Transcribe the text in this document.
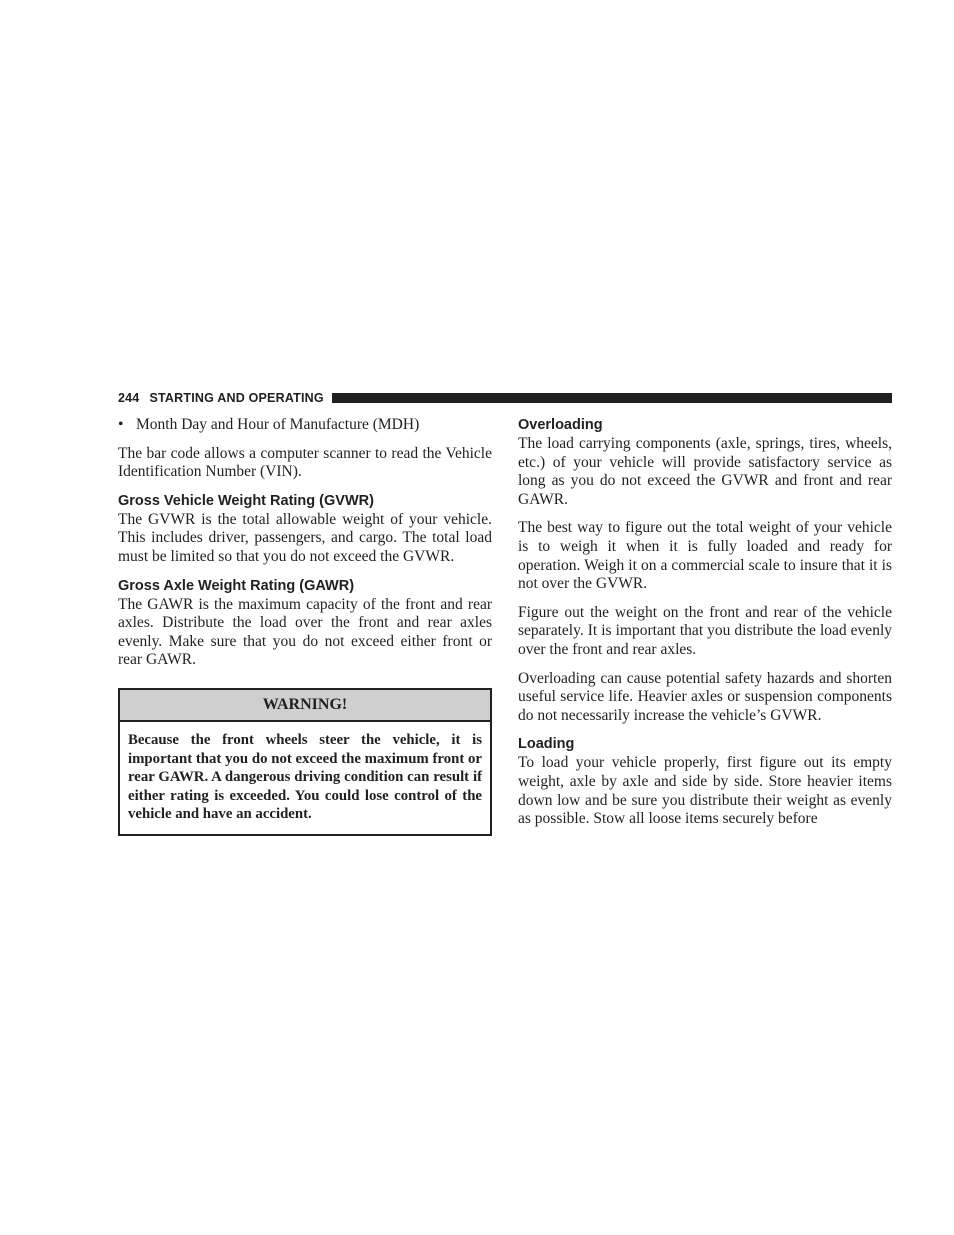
244 STARTING AND OPERATING

• Month Day and Hour of Manufacture (MDH)

The bar code allows a computer scanner to read the Vehicle Identification Number (VIN).

Gross Vehicle Weight Rating (GVWR)

The GVWR is the total allowable weight of your vehicle. This includes driver, passengers, and cargo. The total load must be limited so that you do not exceed the GVWR.

Gross Axle Weight Rating (GAWR)

The GAWR is the maximum capacity of the front and rear axles. Distribute the load over the front and rear axles evenly. Make sure that you do not exceed either front or rear GAWR.

WARNING!
Because the front wheels steer the vehicle, it is important that you do not exceed the maximum front or rear GAWR. A dangerous driving condition can result if either rating is exceeded. You could lose control of the vehicle and have an accident.
Overloading

The load carrying components (axle, springs, tires, wheels, etc.) of your vehicle will provide satisfactory service as long as you do not exceed the GVWR and front and rear GAWR.

The best way to figure out the total weight of your vehicle is to weigh it when it is fully loaded and ready for operation. Weigh it on a commercial scale to insure that it is not over the GVWR.

Figure out the weight on the front and rear of the vehicle separately. It is important that you distribute the load evenly over the front and rear axles.

Overloading can cause potential safety hazards and shorten useful service life. Heavier axles or suspension components do not necessarily increase the vehicle’s GVWR.

Loading

To load your vehicle properly, first figure out its empty weight, axle by axle and side by side. Store heavier items down low and be sure you distribute their weight as evenly as possible. Stow all loose items securely before
